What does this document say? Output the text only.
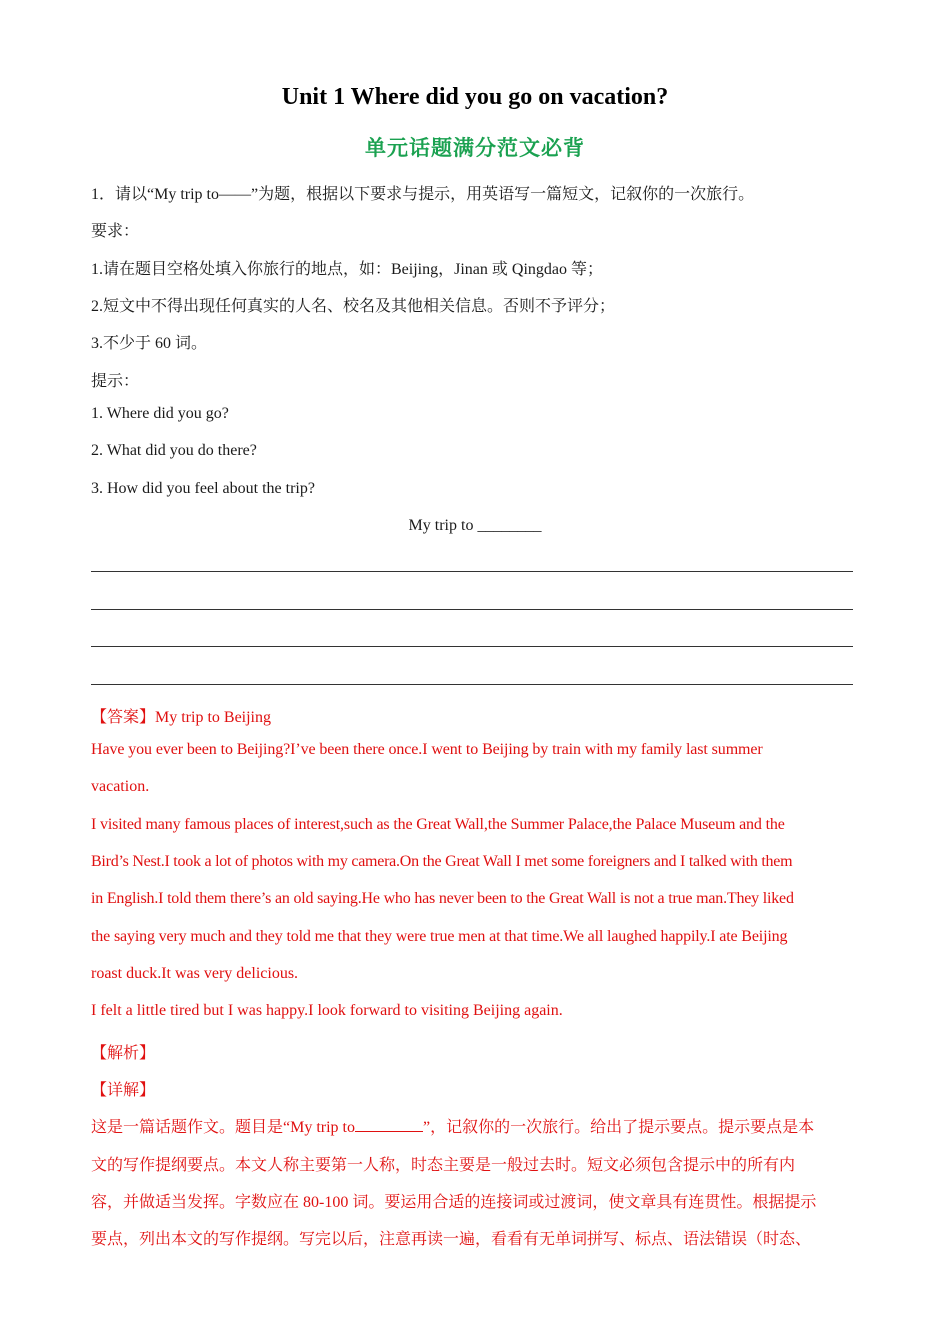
Unit 1 Where did you go on vacation?
单元话题满分范文必背
1．请以“My trip to——”为题，根据以下要求与提示，用英语写一篇短文，记叙你的一次旅行。
要求：
1.请在题目空格处填入你旅行的地点，如：Beijing，Jinan 或 Qingdao 等；
2.短文中不得出现任何真实的人名、校名及其他相关信息。否则不予评分；
3.不少于 60 词。
提示：
1. Where did you go?
2. What did you do there?
3. How did you feel about the trip?
My trip to ________
【答案】My trip to Beijing
Have you ever been to Beijing?I’ve been there once.I went to Beijing by train with my family last summer
vacation.
I visited many famous places of interest,such as the Great Wall,the Summer Palace,the Palace Museum and the
Bird’s Nest.I took a lot of photos with my camera.On the Great Wall I met some foreigners and I talked with them
in English.I told them there’s an old saying.He who has never been to the Great Wall is not a true man.They liked
the saying very much and they told me that they were true men at that time.We all laughed happily.I ate Beijing
roast duck.It was very delicious.
I felt a little tired but I was happy.I look forward to visiting Beijing again.
【解析】
【详解】
这是一篇话题作文。题目是“My trip to	”，记叙你的一次旅行。给出了提示要点。提示要点是本
文的写作提纲要点。本文人称主要第一人称，时态主要是一般过去时。短文必须包含提示中的所有内
容，并做适当发挥。字数应在 80-100 词。要运用合适的连接词或过渡词，使文章具有连贯性。根据提示
要点，列出本文的写作提纲。写完以后，注意再读一遍，看看有无单词拼写、标点、语法错误（时态、
